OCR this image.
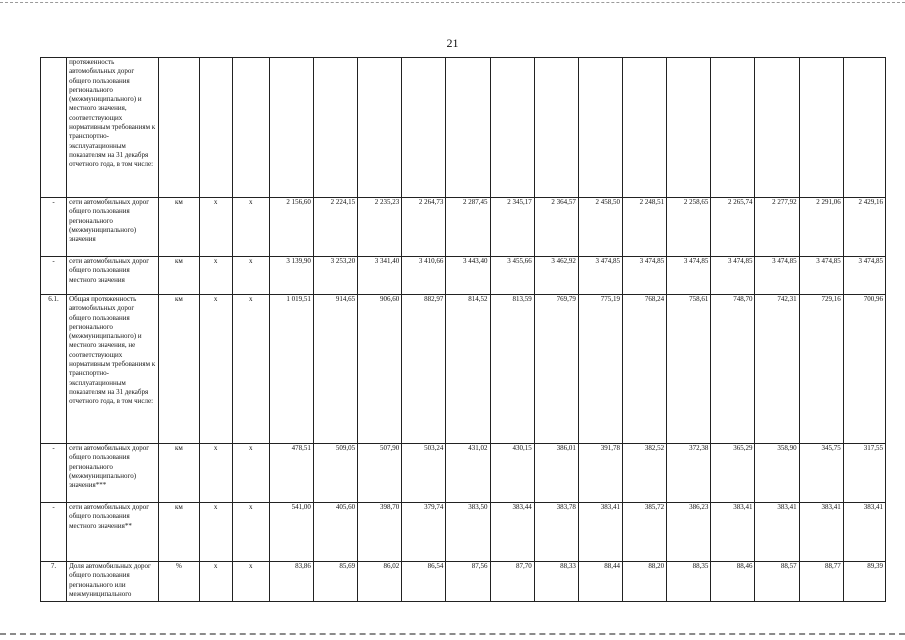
21
	протяженность автомобильных дорог общего пользования регионального (межмуниципального) и местного значения, соответствующих нормативным требованиям к транспортно-эксплуатационным показателям на 31 декабря отчетного года, в том числе:																	
-	сети автомобильных дорог общего пользования регионального (межмуниципального) значения	км	х	х	2 156,60	2 224,15	2 235,23	2 264,73	2 287,45	2 345,17	2 364,57	2 458,50	2 248,51	2 258,65	2 265,74	2 277,92	2 291,06	2 429,16
-	сети автомобильных дорог общего пользования местного значения	км	х	х	3 139,90	3 253,20	3 341,40	3 410,66	3 443,40	3 455,66	3 462,92	3 474,85	3 474,85	3 474,85	3 474,85	3 474,85	3 474,85	3 474,85
6.1.	Общая протяженность автомобильных дорог общего пользования регионального (межмуниципального) и местного значения, не соответствующих нормативным требованиям к транспортно-эксплуатационным показателям на 31 декабря отчетного года, в том числе:	км	х	х	1 019,51	914,65	906,60	882,97	814,52	813,59	769,79	775,19	768,24	758,61	748,70	742,31	729,16	700,96
-	сети автомобильных дорог общего пользования регионального (межмуниципального) значения***	км	х	х	478,51	509,05	507,90	503,24	431,02	430,15	386,01	391,78	382,52	372,38	365,29	358,90	345,75	317,55
-	сети автомобильных дорог общего пользования местного значения**	км	х	х	541,00	405,60	398,70	379,74	383,50	383,44	383,78	383,41	385,72	386,23	383,41	383,41	383,41	383,41
7.	Доля автомобильных дорог общего пользования регионального или межмуниципального	%	х	х	83,86	85,69	86,02	86,54	87,56	87,70	88,33	88,44	88,20	88,35	88,46	88,57	88,77	89,39
